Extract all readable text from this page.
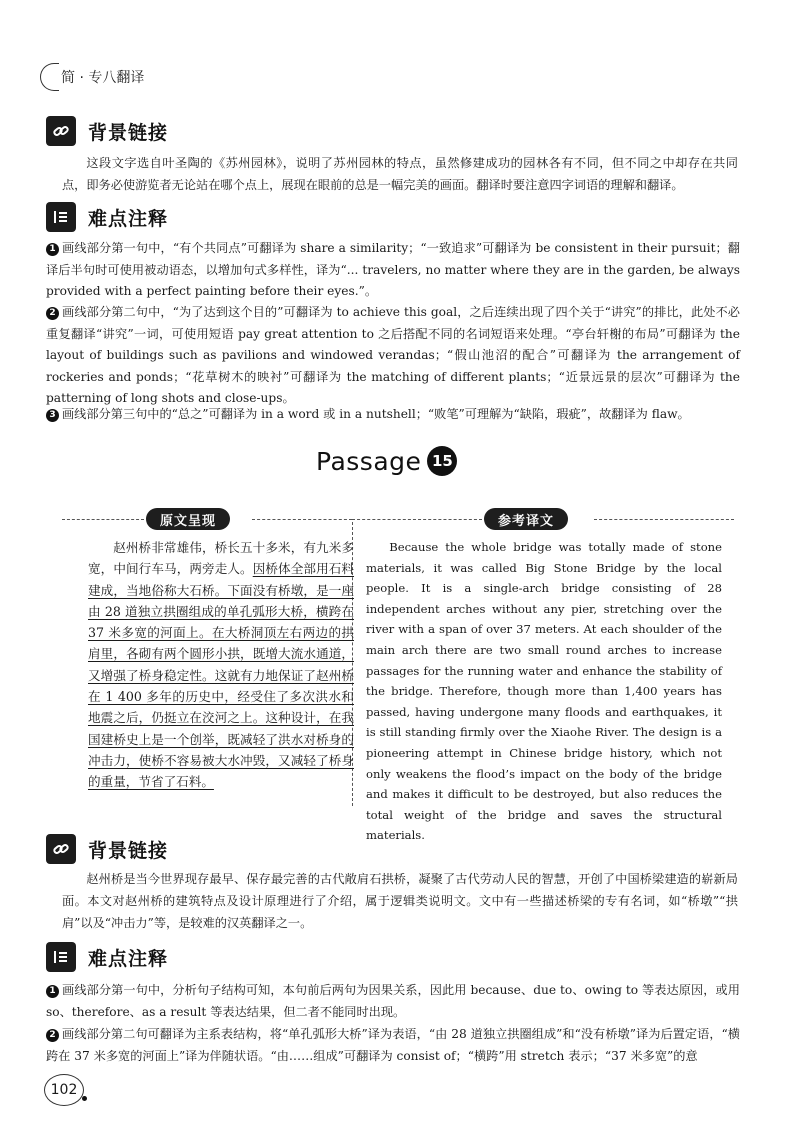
简 · 专八翻译
背景链接
这段文字选自叶圣陶的《苏州园林》，说明了苏州园林的特点，虽然修建成功的园林各有不同，但不同之中却存在共同点，即务必使游览者无论站在哪个点上，展现在眼前的总是一幅完美的画面。翻译时要注意四字词语的理解和翻译。
难点注释
1 画线部分第一句中，“有个共同点”可翻译为 share a similarity；“一致追求”可翻译为 be consistent in their pursuit；翻译后半句时可使用被动语态，以增加句式多样性，译为“... travelers, no matter where they are in the garden, be always provided with a perfect painting before their eyes.”。
2 画线部分第二句中，“为了达到这个目的”可翻译为 to achieve this goal，之后连续出现了四个关于“讲究”的排比，此处不必重复翻译“讲究”一词，可使用短语 pay great attention to 之后搭配不同的名词短语来处理。“亭台轩榭的布局”可翻译为 the layout of buildings such as pavilions and windowed verandas；“假山池沼的配合”可翻译为 the arrangement of rockeries and ponds；“花草树木的映衬”可翻译为 the matching of different plants；“近景远景的层次”可翻译为 the patterning of long shots and close-ups。
3 画线部分第三句中的“总之”可翻译为 in a word 或 in a nutshell；“败笔”可理解为“缺陷，瑕疵”，故翻译为 flaw。
Passage 15
原文呈现	参考译文
赵州桥非常雄伟，桥长五十多米，有九米多宽，中间行车马，两旁走人。因桥体全部用石料建成，当地俗称大石桥。下面没有桥墩，是一座由 28 道独立拱圈组成的单孔弧形大桥，横跨在 37 米多宽的河面上。在大桥洞顶左右两边的拱肩里，各砌有两个圆形小拱，既增大流水通道，又增强了桥身稳定性。这就有力地保证了赵州桥在 1 400 多年的历史中，经受住了多次洪水和地震之后，仍挺立在洨河之上。这种设计，在我国建桥史上是一个创举，既减轻了洪水对桥身的冲击力，使桥不容易被大水冲毁，又减轻了桥身的重量，节省了石料。
Because the whole bridge was totally made of stone materials, it was called Big Stone Bridge by the local people. It is a single-arch bridge consisting of 28 independent arches without any pier, stretching over the river with a span of over 37 meters. At each shoulder of the main arch there are two small round arches to increase passages for the running water and enhance the stability of the bridge. Therefore, though more than 1,400 years has passed, having undergone many floods and earthquakes, it is still standing firmly over the Xiaohe River. The design is a pioneering attempt in Chinese bridge history, which not only weakens the flood’s impact on the body of the bridge and makes it difficult to be destroyed, but also reduces the total weight of the bridge and saves the structural materials.
背景链接
赵州桥是当今世界现存最早、保存最完善的古代敞肩石拱桥，凝聚了古代劳动人民的智慧，开创了中国桥梁建造的崭新局面。本文对赵州桥的建筑特点及设计原理进行了介绍，属于逻辑类说明文。文中有一些描述桥梁的专有名词，如“桥墩”“拱肩”以及“冲击力”等，是较难的汉英翻译之一。
难点注释
1 画线部分第一句中，分析句子结构可知，本句前后两句为因果关系，因此用 because、due to、owing to 等表达原因，或用 so、therefore、as a result 等表达结果，但二者不能同时出现。
2 画线部分第二句可翻译为主系表结构，将“单孔弧形大桥”译为表语，“由 28 道独立拱圈组成”和“没有桥墩”译为后置定语，“横跨在 37 米多宽的河面上”译为伴随状语。“由……组成”可翻译为 consist of；“横跨”用 stretch 表示；“37 米多宽”的意
102
